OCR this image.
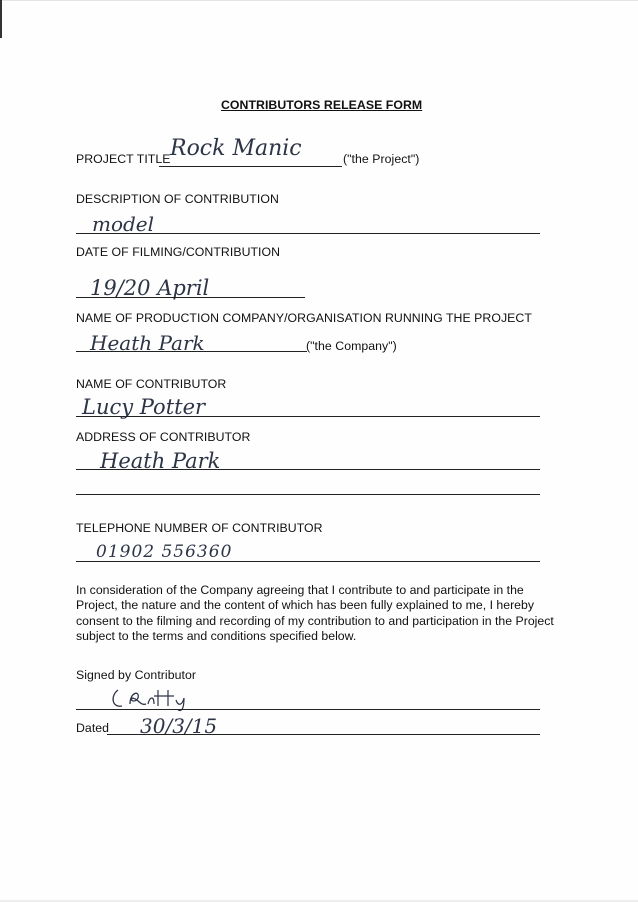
CONTRIBUTORS RELEASE FORM
PROJECT TITLE Rock Manic	("the Project")
DESCRIPTION OF CONTRIBUTION
model
DATE OF FILMING/CONTRIBUTION
19/20 April
NAME OF PRODUCTION COMPANY/ORGANISATION RUNNING THE PROJECT
Heath Park	("the Company")
NAME OF CONTRIBUTOR
Lucy Potter
ADDRESS OF CONTRIBUTOR
Heath Park
TELEPHONE NUMBER OF CONTRIBUTOR
01902 556360
In consideration of the Company agreeing that I contribute to and participate in the Project, the nature and the content of which has been fully explained to me, I hereby consent to the filming and recording of my contribution to and participation in the Project subject to the terms and conditions specified below.
Signed by Contributor
Dated 30/3/15
